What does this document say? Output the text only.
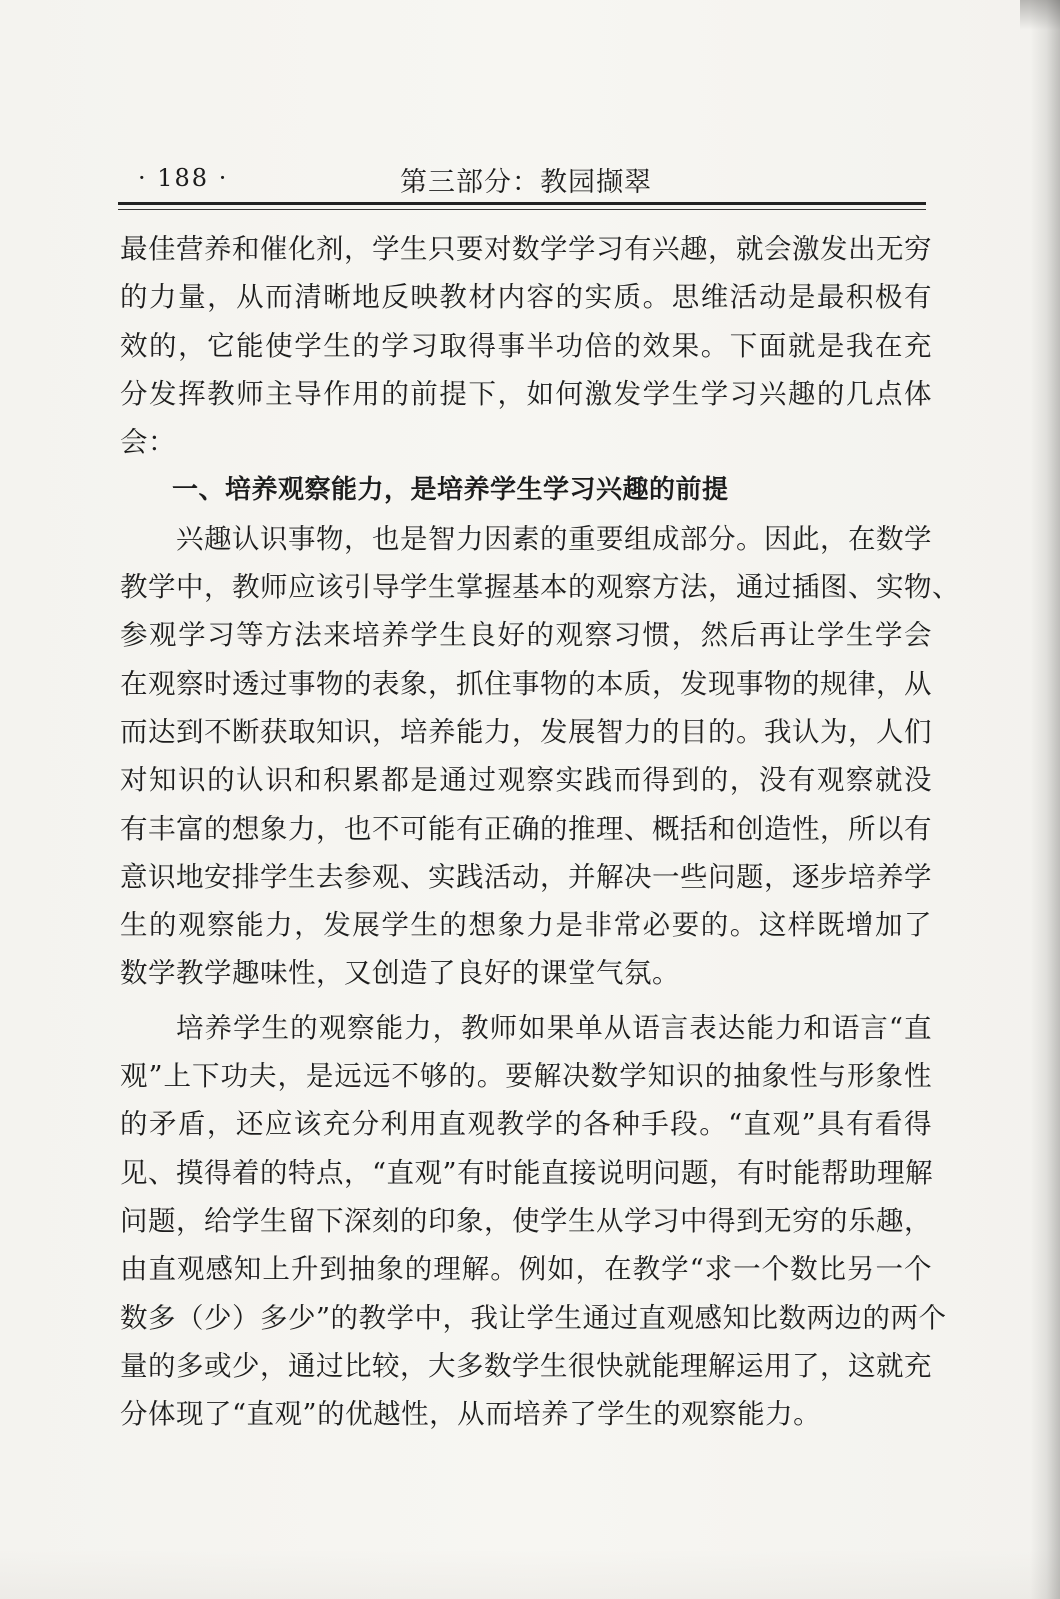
· 188 ·	第三部分：教园撷翠
最佳营养和催化剂，学生只要对数学学习有兴趣，就会激发出无穷
的力量，从而清晰地反映教材内容的实质。思维活动是最积极有
效的，它能使学生的学习取得事半功倍的效果。下面就是我在充
分发挥教师主导作用的前提下，如何激发学生学习兴趣的几点体
会：
一、培养观察能力，是培养学生学习兴趣的前提
兴趣认识事物，也是智力因素的重要组成部分。因此，在数学
教学中，教师应该引导学生掌握基本的观察方法，通过插图、实物、
参观学习等方法来培养学生良好的观察习惯，然后再让学生学会
在观察时透过事物的表象，抓住事物的本质，发现事物的规律，从
而达到不断获取知识，培养能力，发展智力的目的。我认为，人们
对知识的认识和积累都是通过观察实践而得到的，没有观察就没
有丰富的想象力，也不可能有正确的推理、概括和创造性，所以有
意识地安排学生去参观、实践活动，并解决一些问题，逐步培养学
生的观察能力，发展学生的想象力是非常必要的。这样既增加了
数学教学趣味性，又创造了良好的课堂气氛。
培养学生的观察能力，教师如果单从语言表达能力和语言“直
观”上下功夫，是远远不够的。要解决数学知识的抽象性与形象性
的矛盾，还应该充分利用直观教学的各种手段。“直观”具有看得
见、摸得着的特点，“直观”有时能直接说明问题，有时能帮助理解
问题，给学生留下深刻的印象，使学生从学习中得到无穷的乐趣，
由直观感知上升到抽象的理解。例如，在教学“求一个数比另一个
数多（少）多少”的教学中，我让学生通过直观感知比数两边的两个
量的多或少，通过比较，大多数学生很快就能理解运用了，这就充
分体现了“直观”的优越性，从而培养了学生的观察能力。
